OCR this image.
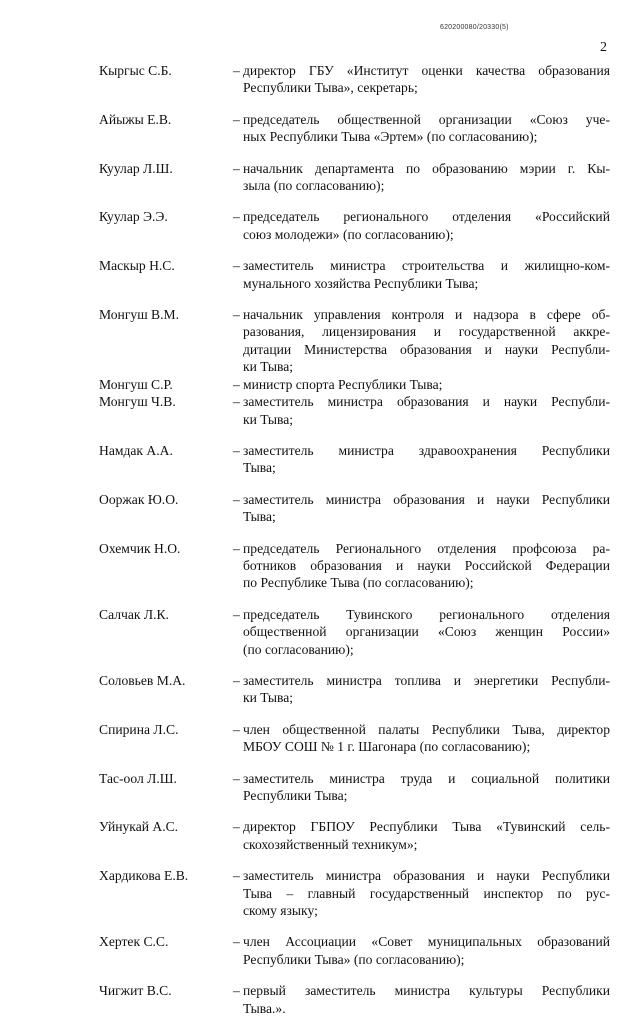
620200080/20330(5)
2
Кыргыс С.Б.	– директор ГБУ «Институт оценки качества образования
Республики Тыва», секретарь;
Айыжы Е.В.	– председатель общественной организации «Союз уче-
ных Республики Тыва «Эртем» (по согласованию);
Куулар Л.Ш.	– начальник департамента по образованию мэрии г. Кы-
зыла (по согласованию);
Куулар Э.Э.	– председатель регионального отделения «Российский
союз молодежи» (по согласованию);
Маскыр Н.С.	– заместитель министра строительства и жилищно-ком-
мунального хозяйства Республики Тыва;
Монгуш В.М.	– начальник управления контроля и надзора в сфере об-
разования, лицензирования и государственной аккре-
дитации Министерства образования и науки Республи-
ки Тыва;
Монгуш С.Р.	– министр спорта Республики Тыва;
Монгуш Ч.В.	– заместитель министра образования и науки Республи-
ки Тыва;
Намдак А.А.	– заместитель министра здравоохранения Республики
Тыва;
Ооржак Ю.О.	– заместитель министра образования и науки Республики
Тыва;
Охемчик Н.О.	– председатель Регионального отделения профсоюза ра-
ботников образования и науки Российской Федерации
по Республике Тыва (по согласованию);
Салчак Л.К.	– председатель Тувинского регионального отделения
общественной организации «Союз женщин России»
(по согласованию);
Соловьев М.А.	– заместитель министра топлива и энергетики Республи-
ки Тыва;
Спирина Л.С.	– член общественной палаты Республики Тыва, директор
МБОУ СОШ № 1 г. Шагонара (по согласованию);
Тас-оол Л.Ш.	– заместитель министра труда и социальной политики
Республики Тыва;
Уйнукай А.С.	– директор ГБПОУ Республики Тыва «Тувинский сель-
скохозяйственный техникум»;
Хардикова Е.В.	– заместитель министра образования и науки Республики
Тыва – главный государственный инспектор по рус-
скому языку;
Хертек С.С.	– член Ассоциации «Совет муниципальных образований
Республики Тыва» (по согласованию);
Чигжит В.С.	– первый заместитель министра культуры Республики
Тыва.».
